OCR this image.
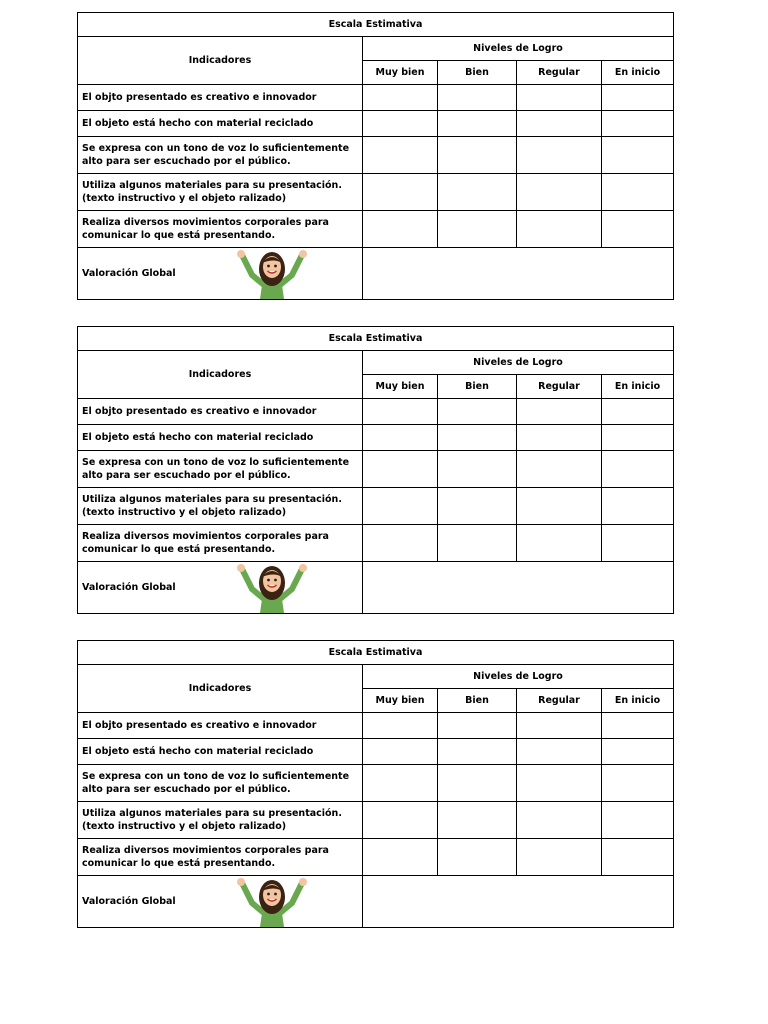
Escala Estimativa				
Indicadores	Niveles de Logro			
	Muy bien	Bien	Regular	En inicio
El objto presentado es creativo e innovador				
El objeto está hecho con material reciclado				
Se expresa con un tono de voz lo suficientemente alto para ser escuchado por el público.				
Utiliza algunos materiales para su presentación. (texto instructivo y el objeto ralizado)				
Realiza diversos movimientos corporales para comunicar lo que está presentando.				
Valoración Global			

Escala Estimativa				
Indicadores	Niveles de Logro			
	Muy bien	Bien	Regular	En inicio
El objto presentado es creativo e innovador				
El objeto está hecho con material reciclado				
Se expresa con un tono de voz lo suficientemente alto para ser escuchado por el público.				
Utiliza algunos materiales para su presentación. (texto instructivo y el objeto ralizado)				
Realiza diversos movimientos corporales para comunicar lo que está presentando.				
Valoración Global			

Escala Estimativa				
Indicadores	Niveles de Logro			
	Muy bien	Bien	Regular	En inicio
El objto presentado es creativo e innovador				
El objeto está hecho con material reciclado				
Se expresa con un tono de voz lo suficientemente alto para ser escuchado por el público.				
Utiliza algunos materiales para su presentación. (texto instructivo y el objeto ralizado)				
Realiza diversos movimientos corporales para comunicar lo que está presentando.				
Valoración Global			
